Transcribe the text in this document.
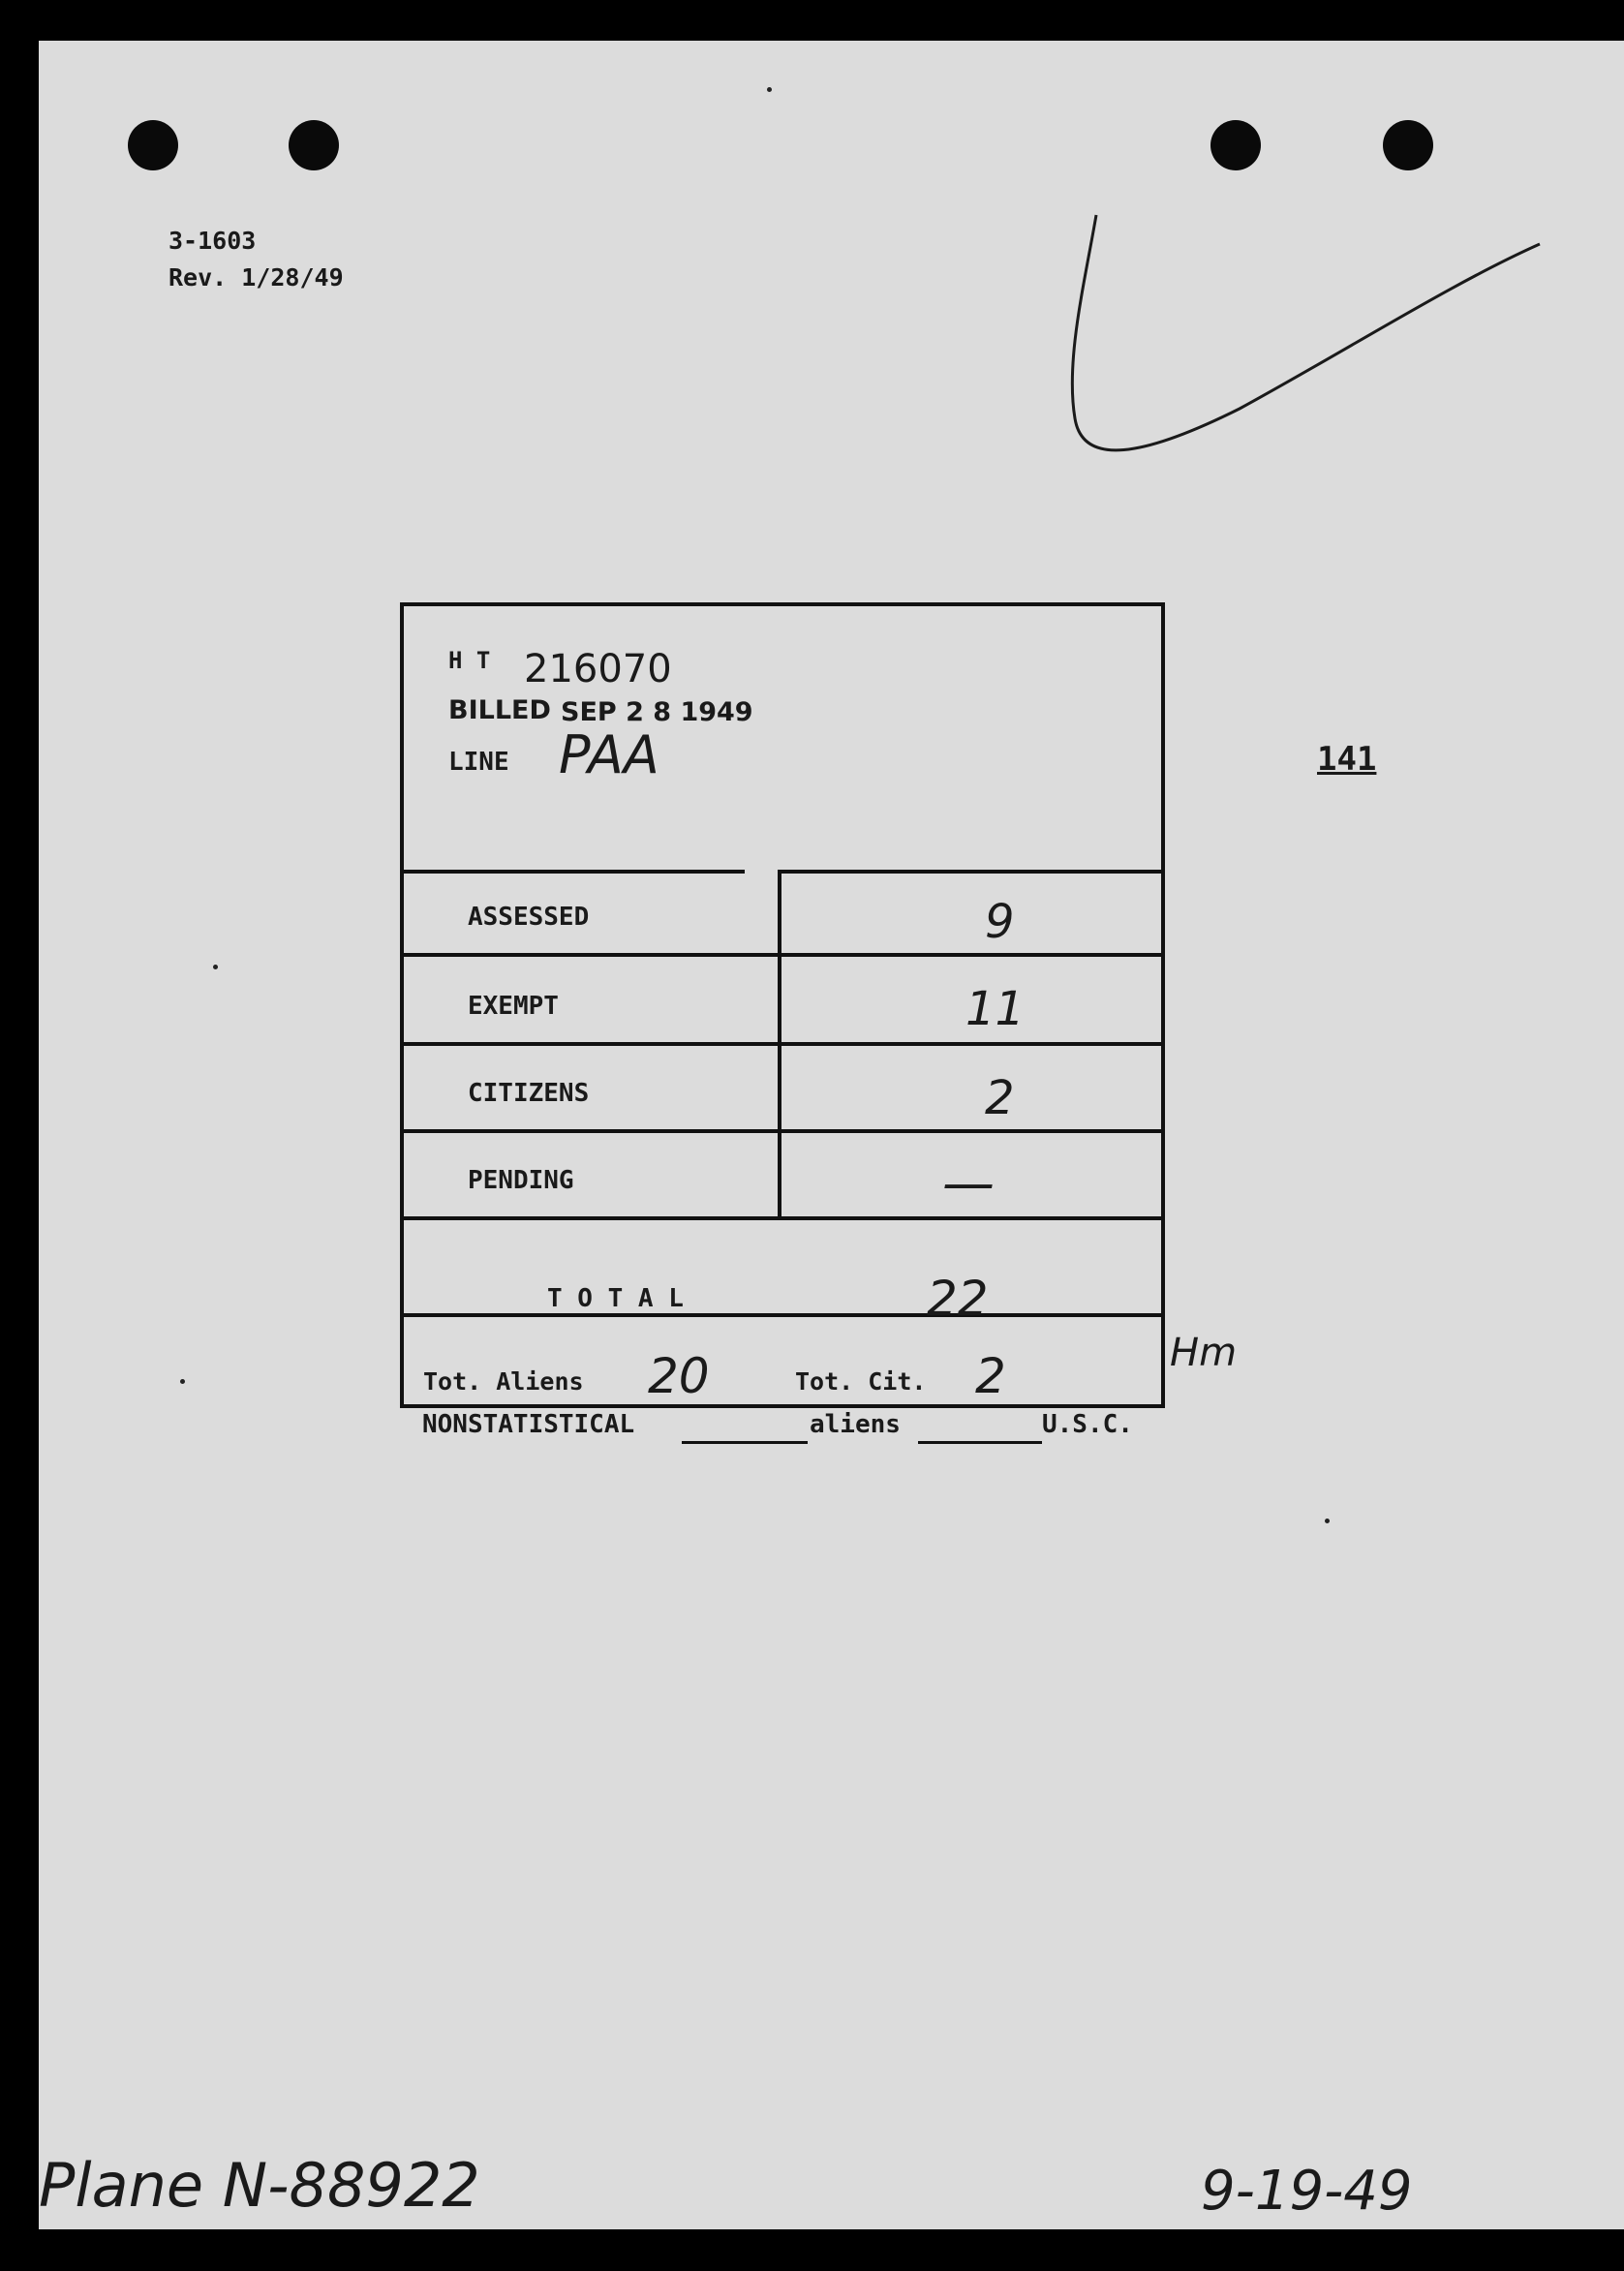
3-1603
Rev. 1/28/49
141
H T 216070
BILLED SEP 2 8 1949
LINE PAA
ASSESSED	9
EXEMPT	11
CITIZENS	2
PENDING	—
T O T A L	22
Tot. Aliens 20	Tot. Cit. 2	Hm
NONSTATISTICAL	aliens	U.S.C.
Plane N-88922	9-19-49
